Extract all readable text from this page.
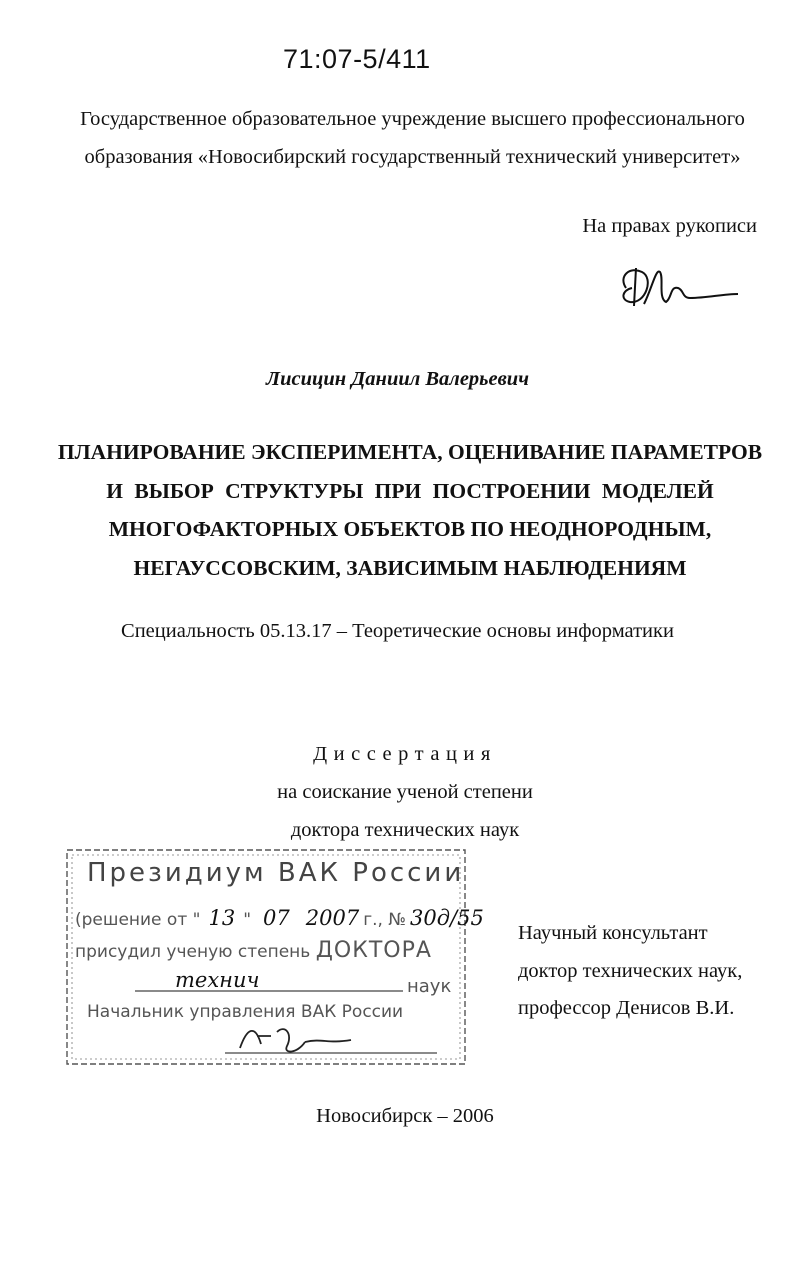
71:07-5/411
Государственное образовательное учреждение высшего профессионального
образования «Новосибирский государственный технический университет»
На правах рукописи
Лисицин Даниил Валерьевич
ПЛАНИРОВАНИЕ ЭКСПЕРИМЕНТА, ОЦЕНИВАНИЕ ПАРАМЕТРОВ
И ВЫБОР СТРУКТУРЫ ПРИ ПОСТРОЕНИИ МОДЕЛЕЙ
МНОГОФАКТОРНЫХ ОБЪЕКТОВ ПО НЕОДНОРОДНЫМ,
НЕГАУССОВСКИМ, ЗАВИСИМЫМ НАБЛЮДЕНИЯМ
Специальность 05.13.17 – Теоретические основы информатики
Диссертация
на соискание ученой степени
доктора технических наук
Президиум ВАК России
(решение от " 13 " 07 2007 г., № 30д/55
присудил ученую степень ДОКТОРА
технич	наук
Начальник управления ВАК России
Научный консультант
доктор технических наук,
профессор Денисов В.И.
Новосибирск – 2006
